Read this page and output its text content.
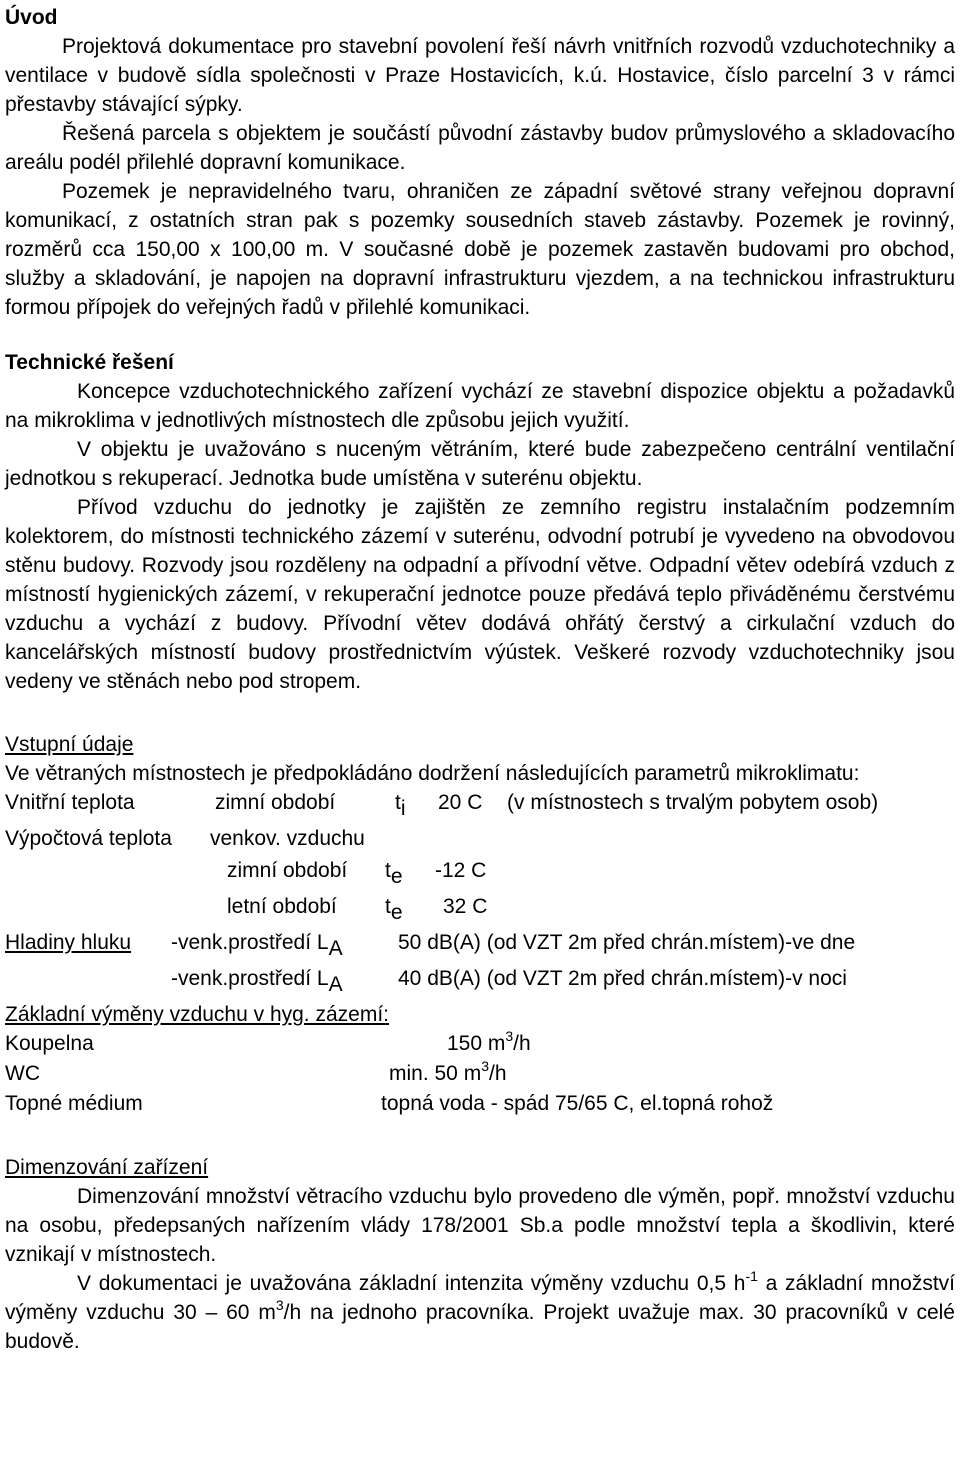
Úvod

Projektová dokumentace pro stavební povolení řeší návrh vnitřních rozvodů vzduchotechniky a ventilace v budově sídla společnosti v Praze Hostavicích, k.ú. Hostavice, číslo parcelní 3 v rámci přestavby stávající sýpky.

Řešená parcela s objektem je součástí původní zástavby budov průmyslového a skladovacího areálu podél přilehlé dopravní komunikace.

Pozemek je nepravidelného tvaru, ohraničen ze západní světové strany veřejnou dopravní komunikací, z ostatních stran pak s pozemky sousedních staveb zástavby. Pozemek je rovinný, rozměrů cca 150,00 x 100,00 m. V současné době je pozemek zastavěn budovami pro obchod, služby a skladování, je napojen na dopravní infrastrukturu vjezdem, a na technickou infrastrukturu formou přípojek do veřejných řadů v přilehlé komunikaci.

Technické řešení

Koncepce vzduchotechnického zařízení vychází ze stavební dispozice objektu a požadavků na mikroklima v jednotlivých místnostech dle způsobu jejich využití.

V objektu je uvažováno s nuceným větráním, které bude zabezpečeno centrální ventilační jednotkou s rekuperací. Jednotka bude umístěna v suterénu objektu.

Přívod vzduchu do jednotky je zajištěn ze zemního registru instalačním podzemním kolektorem, do místnosti technického zázemí v suterénu, odvodní potrubí je vyvedeno na obvodovou stěnu budovy. Rozvody jsou rozděleny na odpadní a přívodní větve. Odpadní větev odebírá vzduch z místností hygienických zázemí, v rekuperační jednotce pouze předává teplo přiváděnému čerstvému vzduchu a vychází z budovy. Přívodní větev dodává ohřátý čerstvý a cirkulační vzduch do kancelářských místností budovy prostřednictvím výústek. Veškeré rozvody vzduchotechniky jsou vedeny ve stěnách nebo pod stropem.

Vstupní údaje

Ve větraných místnostech je předpokládáno dodržení následujících parametrů mikroklimatu:

Vnitřní teplota	zimní období	$t_i$ 20 C (v místnostech s trvalým pobytem osob)
Výpočtová teplota venkov. vzduchu
zimní období $t_e$ -12 C
letní období $t_e$ 32 C
Hladiny hluku -venk.prostředí $L_A$	50 dB(A) (od VZT 2m před chrán.místem)-ve dne
-venk.prostředí $L_A$	40 dB(A) (od VZT 2m před chrán.místem)-v noci
Základní výměny vzduchu v hyg. zázemí:
Koupelna	150 $m^3/h$
WC	min. 50 $m^3/h$
Topné médium	topná voda - spád 75/65 C, el.topná rohož
Dimenzování zařízení

Dimenzování množství větracího vzduchu bylo provedeno dle výměn, popř. množství vzduchu na osobu, předepsaných nařízením vlády 178/2001 Sb.a podle množství tepla a škodlivin, které vznikají v místnostech.

V dokumentaci je uvažována základní intenzita výměny vzduchu 0,5 $h^{-1}$ a základní množství výměny vzduchu 30 – 60 $m^3/h$ na jednoho pracovníka. Projekt uvažuje max. 30 pracovníků v celé budově.
